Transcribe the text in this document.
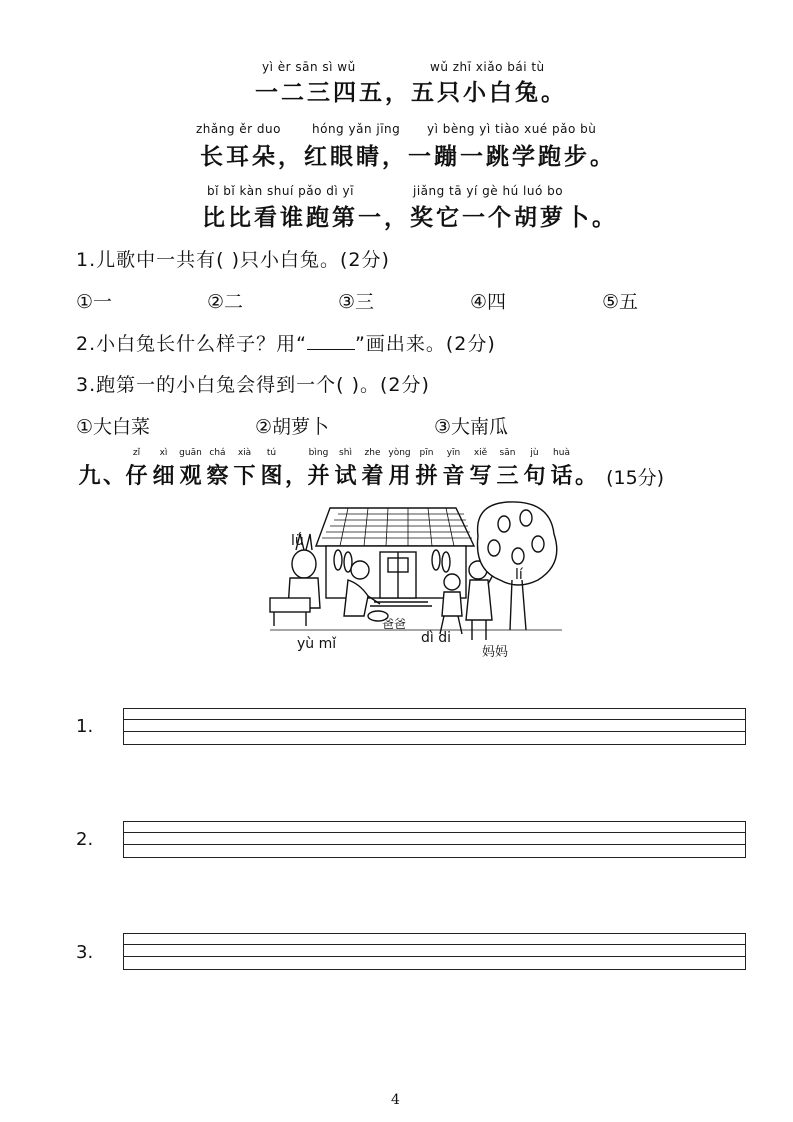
yì èr sān sì wǔ	wǔ zhī xiǎo bái tù
一二三四五，五只小白兔。
zhǎng ěr duo	hóng yǎn jīng yì bèng yì tiào xué pǎo bù
长耳朵，红眼睛，一蹦一跳学跑步。
bǐ bǐ kàn shuí pǎo dì yī	jiǎng tā yí gè hú luó bo
比比看谁跑第一，奖它一个胡萝卜。
1.儿歌中一共有( )只小白兔。(2分)
①一	②二	③三	④四	⑤五
2.小白兔长什么样子？用“	”画出来。(2分)
3.跑第一的小白兔会得到一个( )。(2分)
①大白菜	②胡萝卜	③大南瓜
九 、
zǐ
仔
xì
细
guān
观
chá
察
xià
下
tú
图 ，
bìng
并
shì
试
zhe
着
yòng
用
pīn
拼
yīn
音
xiě
写
sān
三
jù
句
huà
话 。 (15分)
lǘ
lí
爸爸
yù mǐ	dì di
妈妈
1.
2.
3.
4
